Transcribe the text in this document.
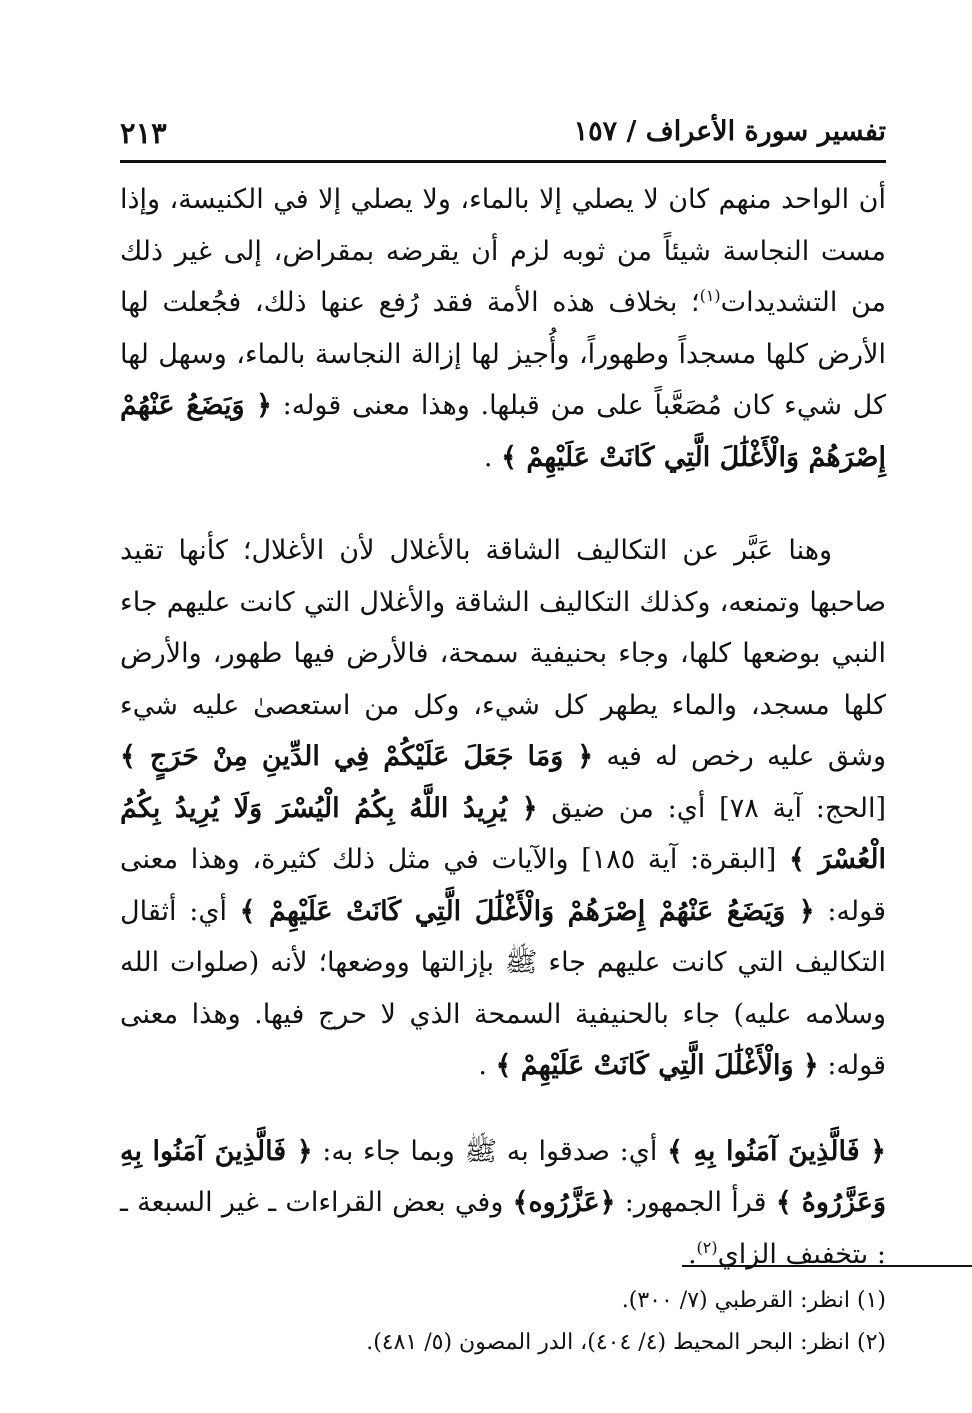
تفسير سورة الأعراف / ١٥٧
٢١٣

أن الواحد منهم كان لا يصلي إلا بالماء، ولا يصلي إلا في الكنيسة، وإذا مست النجاسة شيئاً من ثوبه لزم أن يقرضه بمقراض، إلى غير ذلك من التشديدات$^{(١)}$؛ بخلاف هذه الأمة فقد رُفع عنها ذلك، فجُعلت لها الأرض كلها مسجداً وطهوراً، وأُجيز لها إزالة النجاسة بالماء، وسهل لها كل شيء كان مُصَعَّباً على من قبلها. وهذا معنى قوله: ﴿ وَيَضَعُ عَنْهُمْ إِصْرَهُمْ وَالْأَغْلَٰلَ الَّتِي كَانَتْ عَلَيْهِمْ ﴾ .

وهنا عَبَّر عن التكاليف الشاقة بالأغلال لأن الأغلال؛ كأنها تقيد صاحبها وتمنعه، وكذلك التكاليف الشاقة والأغلال التي كانت عليهم جاء النبي بوضعها كلها، وجاء بحنيفية سمحة، فالأرض فيها طهور، والأرض كلها مسجد، والماء يطهر كل شيء، وكل من استعصىٰ عليه شيء وشق عليه رخص له فيه ﴿ وَمَا جَعَلَ عَلَيْكُمْ فِي الدِّينِ مِنْ حَرَجٍ ﴾ [الحج: آية ٧٨] أي: من ضيق ﴿ يُرِيدُ اللَّهُ بِكُمُ الْيُسْرَ وَلَا يُرِيدُ بِكُمُ الْعُسْرَ ﴾ [البقرة: آية ١٨٥] والآيات في مثل ذلك كثيرة، وهذا معنى قوله: ﴿ وَيَضَعُ عَنْهُمْ إِصْرَهُمْ وَالْأَغْلَٰلَ الَّتِي كَانَتْ عَلَيْهِمْ ﴾ أي: أثقال التكاليف التي كانت عليهم جاء ﷺ بإزالتها ووضعها؛ لأنه (صلوات الله وسلامه عليه) جاء بالحنيفية السمحة الذي لا حرج فيها. وهذا معنى قوله: ﴿ وَالْأَغْلَٰلَ الَّتِي كَانَتْ عَلَيْهِمْ ﴾ .

﴿ فَالَّذِينَ آمَنُوا بِهِ ﴾ أي: صدقوا به ﷺ وبما جاء به: ﴿ فَالَّذِينَ آمَنُوا بِهِ وَعَزَّرُوهُ ﴾ قرأ الجمهور: ﴿عَزَّرُوه﴾ وفي بعض القراءات ـ غير السبعة ـ : بتخفيف الزاي$^{(٢)}$.

(١) انظر: القرطبي (٧/ ٣٠٠).

(٢) انظر: البحر المحيط (٤/ ٤٠٤)، الدر المصون (٥/ ٤٨١).
